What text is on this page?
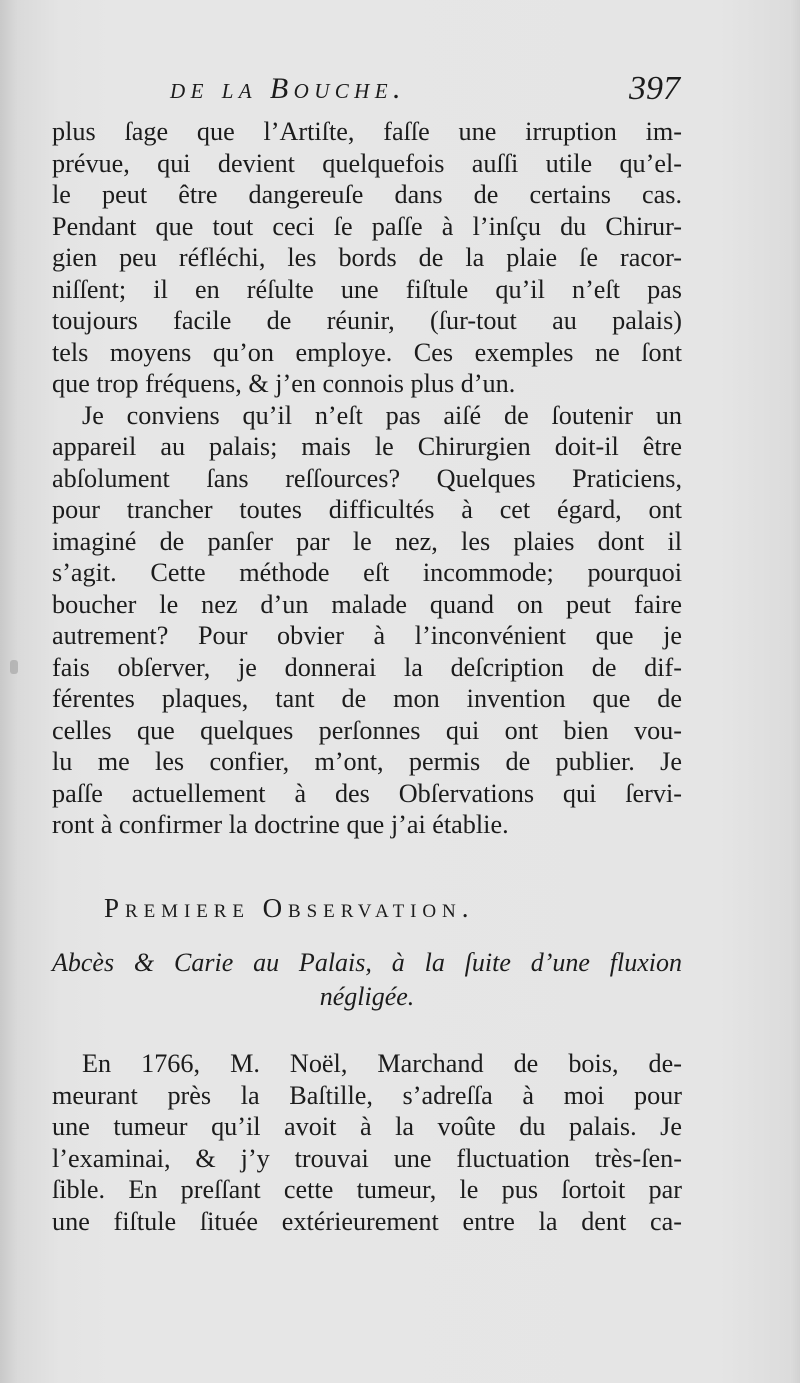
de la Bouche.	397
plus ſage que l’Artiſte, faſſe une irruption im-
prévue, qui devient quelquefois auſſi utile qu’el-
le peut être dangereuſe dans de certains cas.
Pendant que tout ceci ſe paſſe à l’inſçu du Chirur-
gien peu réfléchi, les bords de la plaie ſe racor-
niſſent; il en réſulte une fiſtule qu’il n’eſt pas
toujours facile de réunir, (ſur-tout au palais)
tels moyens qu’on employe. Ces exemples ne ſont
que trop fréquens, & j’en connois plus d’un.
Je conviens qu’il n’eſt pas aiſé de ſoutenir un
appareil au palais; mais le Chirurgien doit-il être
abſolument ſans reſſources? Quelques Praticiens,
pour trancher toutes difficultés à cet égard, ont
imaginé de panſer par le nez, les plaies dont il
s’agit. Cette méthode eſt incommode; pourquoi
boucher le nez d’un malade quand on peut faire
autrement? Pour obvier à l’inconvénient que je
fais obſerver, je donnerai la deſcription de dif-
férentes plaques, tant de mon invention que de
celles que quelques perſonnes qui ont bien vou-
lu me les confier, m’ont, permis de publier. Je
paſſe actuellement à des Obſervations qui ſervi-
ront à confirmer la doctrine que j’ai établie.
Premiere Observation.
Abcès & Carie au Palais, à la ſuite d’une fluxion
négligée.
En 1766, M. Noël, Marchand de bois, de-
meurant près la Baſtille, s’adreſſa à moi pour
une tumeur qu’il avoit à la voûte du palais. Je
l’examinai, & j’y trouvai une fluctuation très-ſen-
ſible. En preſſant cette tumeur, le pus ſortoit par
une fiſtule ſituée extérieurement entre la dent ca-
